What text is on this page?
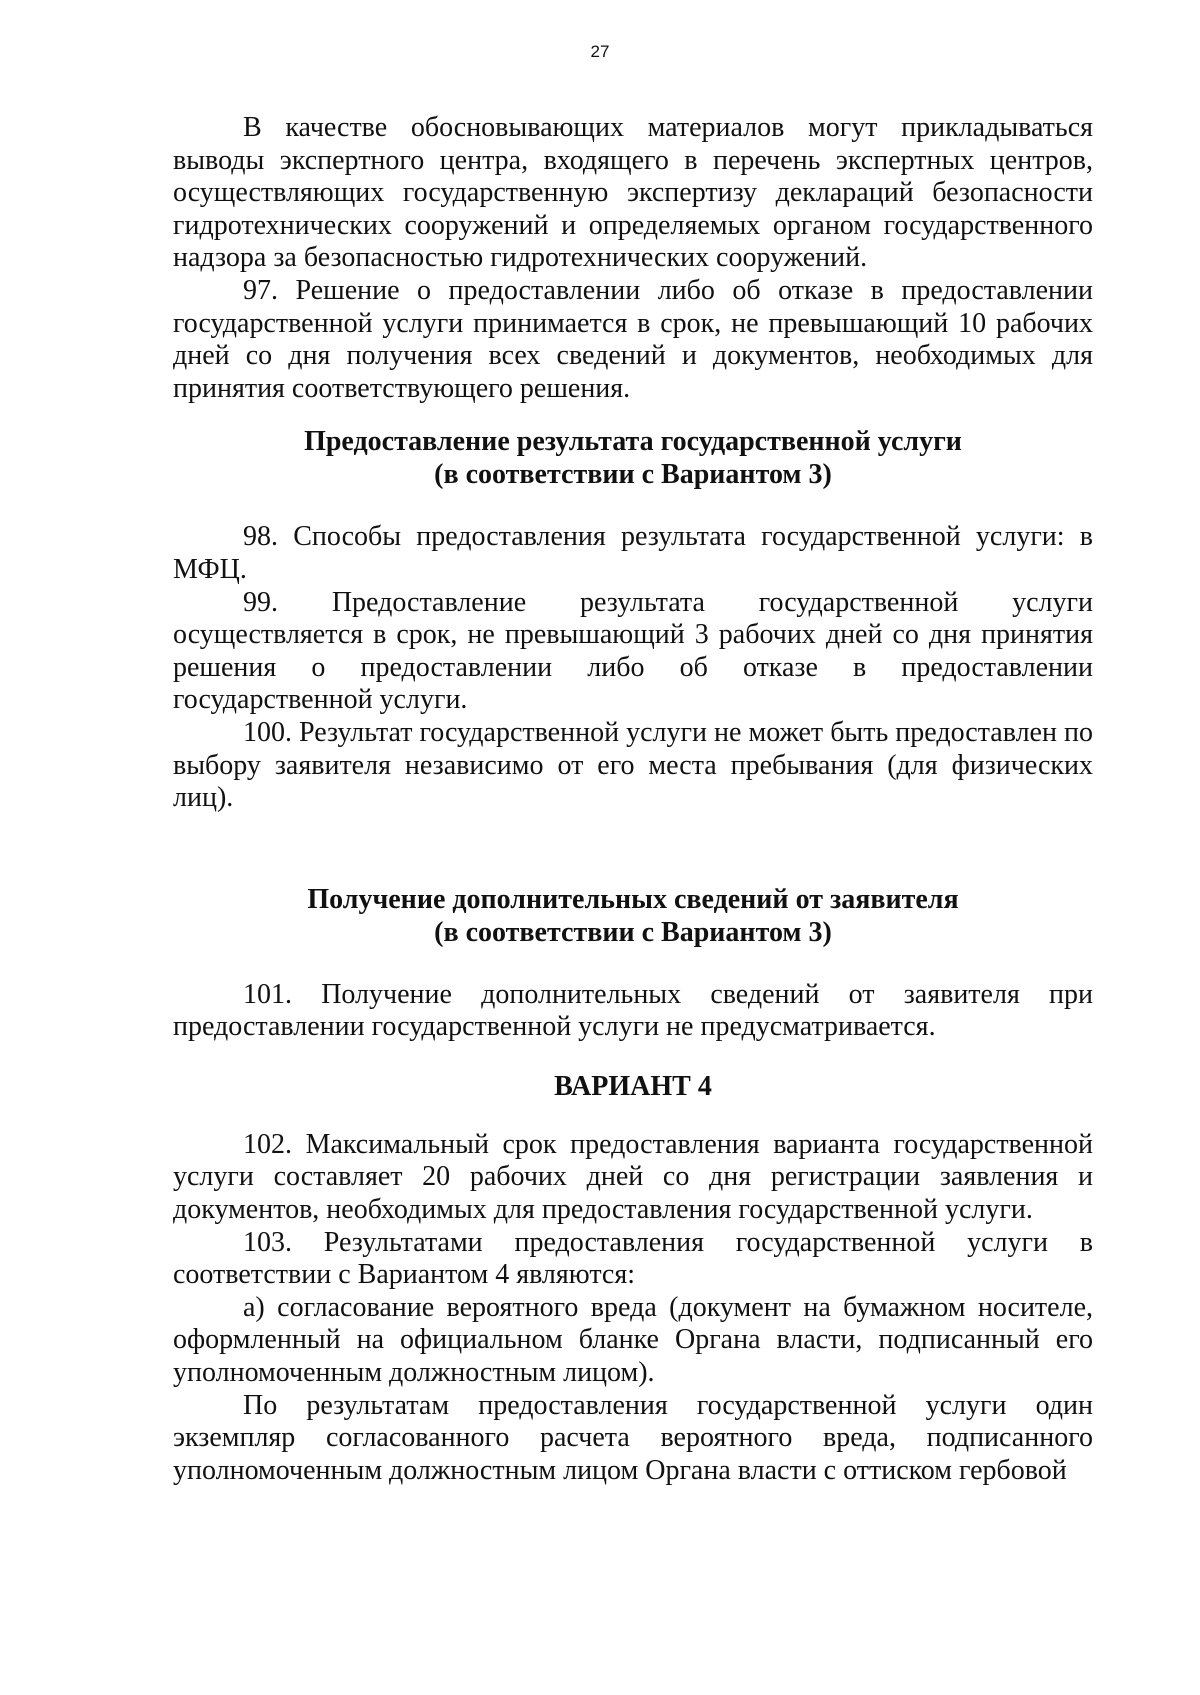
27

В качестве обосновывающих материалов могут прикладываться выводы экспертного центра, входящего в перечень экспертных центров, осуществляющих государственную экспертизу деклараций безопасности гидротехнических сооружений и определяемых органом государственного надзора за безопасностью гидротехнических сооружений.

97. Решение о предоставлении либо об отказе в предоставлении государственной услуги принимается в срок, не превышающий 10 рабочих дней со дня получения всех сведений и документов, необходимых для принятия соответствующего решения.

Предоставление результата государственной услуги

(в соответствии с Вариантом 3)

98. Способы предоставления результата государственной услуги: в МФЦ.

99. Предоставление результата государственной услуги осуществляется в срок, не превышающий 3 рабочих дней со дня принятия решения о предоставлении либо об отказе в предоставлении государственной услуги.

100. Результат государственной услуги не может быть предоставлен по выбору заявителя независимо от его места пребывания (для физических лиц).

Получение дополнительных сведений от заявителя

(в соответствии с Вариантом 3)

101. Получение дополнительных сведений от заявителя при предоставлении государственной услуги не предусматривается.

ВАРИАНТ 4

102. Максимальный срок предоставления варианта государственной услуги составляет 20 рабочих дней со дня регистрации заявления и документов, необходимых для предоставления государственной услуги.

103. Результатами предоставления государственной услуги в соответствии с Вариантом 4 являются:

а) согласование вероятного вреда (документ на бумажном носителе, оформленный на официальном бланке Органа власти, подписанный его уполномоченным должностным лицом).

По результатам предоставления государственной услуги один экземпляр согласованного расчета вероятного вреда, подписанного уполномоченным должностным лицом Органа власти с оттиском гербовой
